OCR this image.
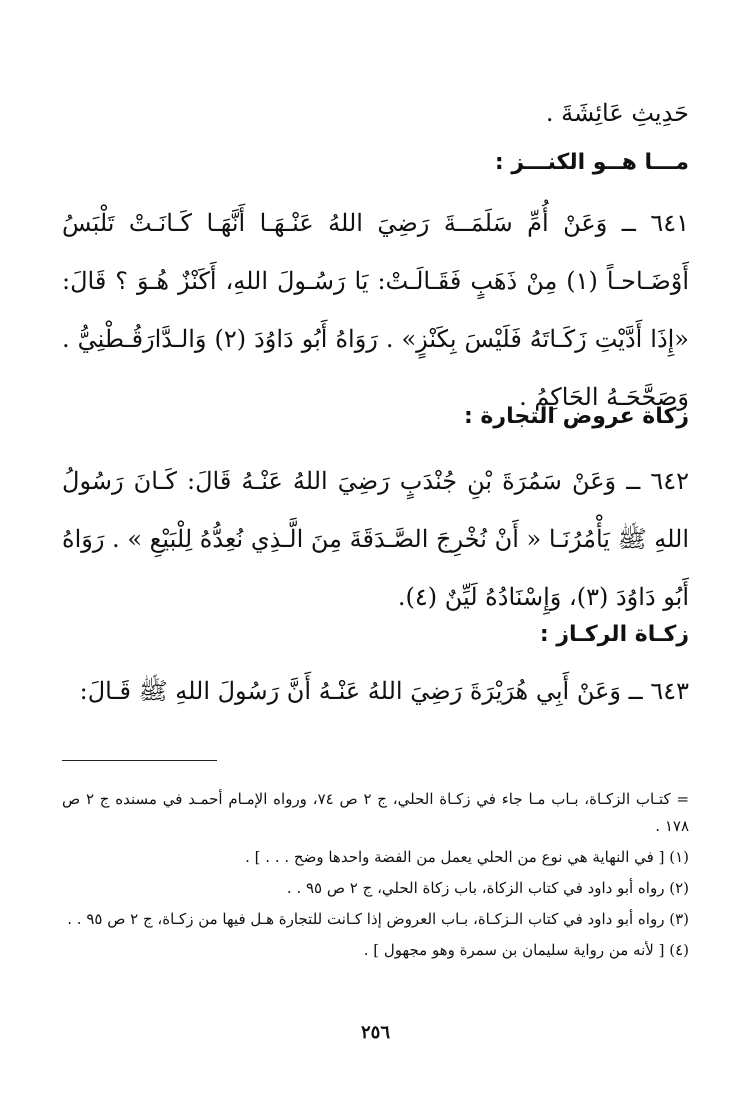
حَدِيثِ عَائِشَةَ .
مـــا هــو الكنـــز :
٦٤١ ــ وَعَنْ أُمِّ سَلَمَــةَ رَضِيَ اللهُ عَنْـهَـا أَنَّهَـا كَـانَـتْ تَلْبَسُ أَوْضَـاحـاً (١) مِنْ ذَهَبٍ فَقَـالَـتْ: يَا رَسُـولَ اللهِ، أَكَنْزٌ هُـوَ ؟ قَالَ: «إِذَا أَدَّيْتِ زَكَـاتَهُ فَلَيْسَ بِكَنْزٍ» . رَوَاهُ أَبُو دَاوُدَ (٢) وَالـدَّارَقُـطْنِيُّ . وَصَحَّحَـهُ الحَاكِمُ .
زكاة عروض التجارة :
٦٤٢ ــ وَعَنْ سَمُرَةَ بْنِ جُنْدَبٍ رَضِيَ اللهُ عَنْـهُ قَالَ: كَـانَ رَسُولُ اللهِ ﷺ يَأْمُرُنَـا « أَنْ نُخْرِجَ الصَّـدَقَةَ مِنَ الَّـذِي نُعِدُّهُ لِلْبَيْعِ » . رَوَاهُ أَبُو دَاوُدَ (٣)، وَإِسْنَادُهُ لَيِّنٌ (٤).
زكـاة الركـاز :
٦٤٣ ــ وَعَنْ أَبِي هُرَيْرَةَ رَضِيَ اللهُ عَنْـهُ أَنَّ رَسُولَ اللهِ ﷺ قَـالَ:
= كتـاب الزكـاة، بـاب مـا جاء في زكـاة الحلي، ج ٢ ص ٧٤، ورواه الإمـام أحمـد في مسنده ج ٢ ص ١٧٨ .
(١) [ في النهاية هي نوع من الحلي يعمل من الفضة واحدها وضح . . . ] .
(٢) رواه أبو داود في كتاب الزكاة، باب زكاة الحلي، ج ٢ ص ٩٥ . .
(٣) رواه أبو داود في كتاب الـزكـاة، بـاب العروض إذا كـانت للتجارة هـل فيها من زكـاة، ج ٢ ص ٩٥ . .
(٤) [ لأنه من رواية سليمان بن سمرة وهو مجهول ] .
٢٥٦
